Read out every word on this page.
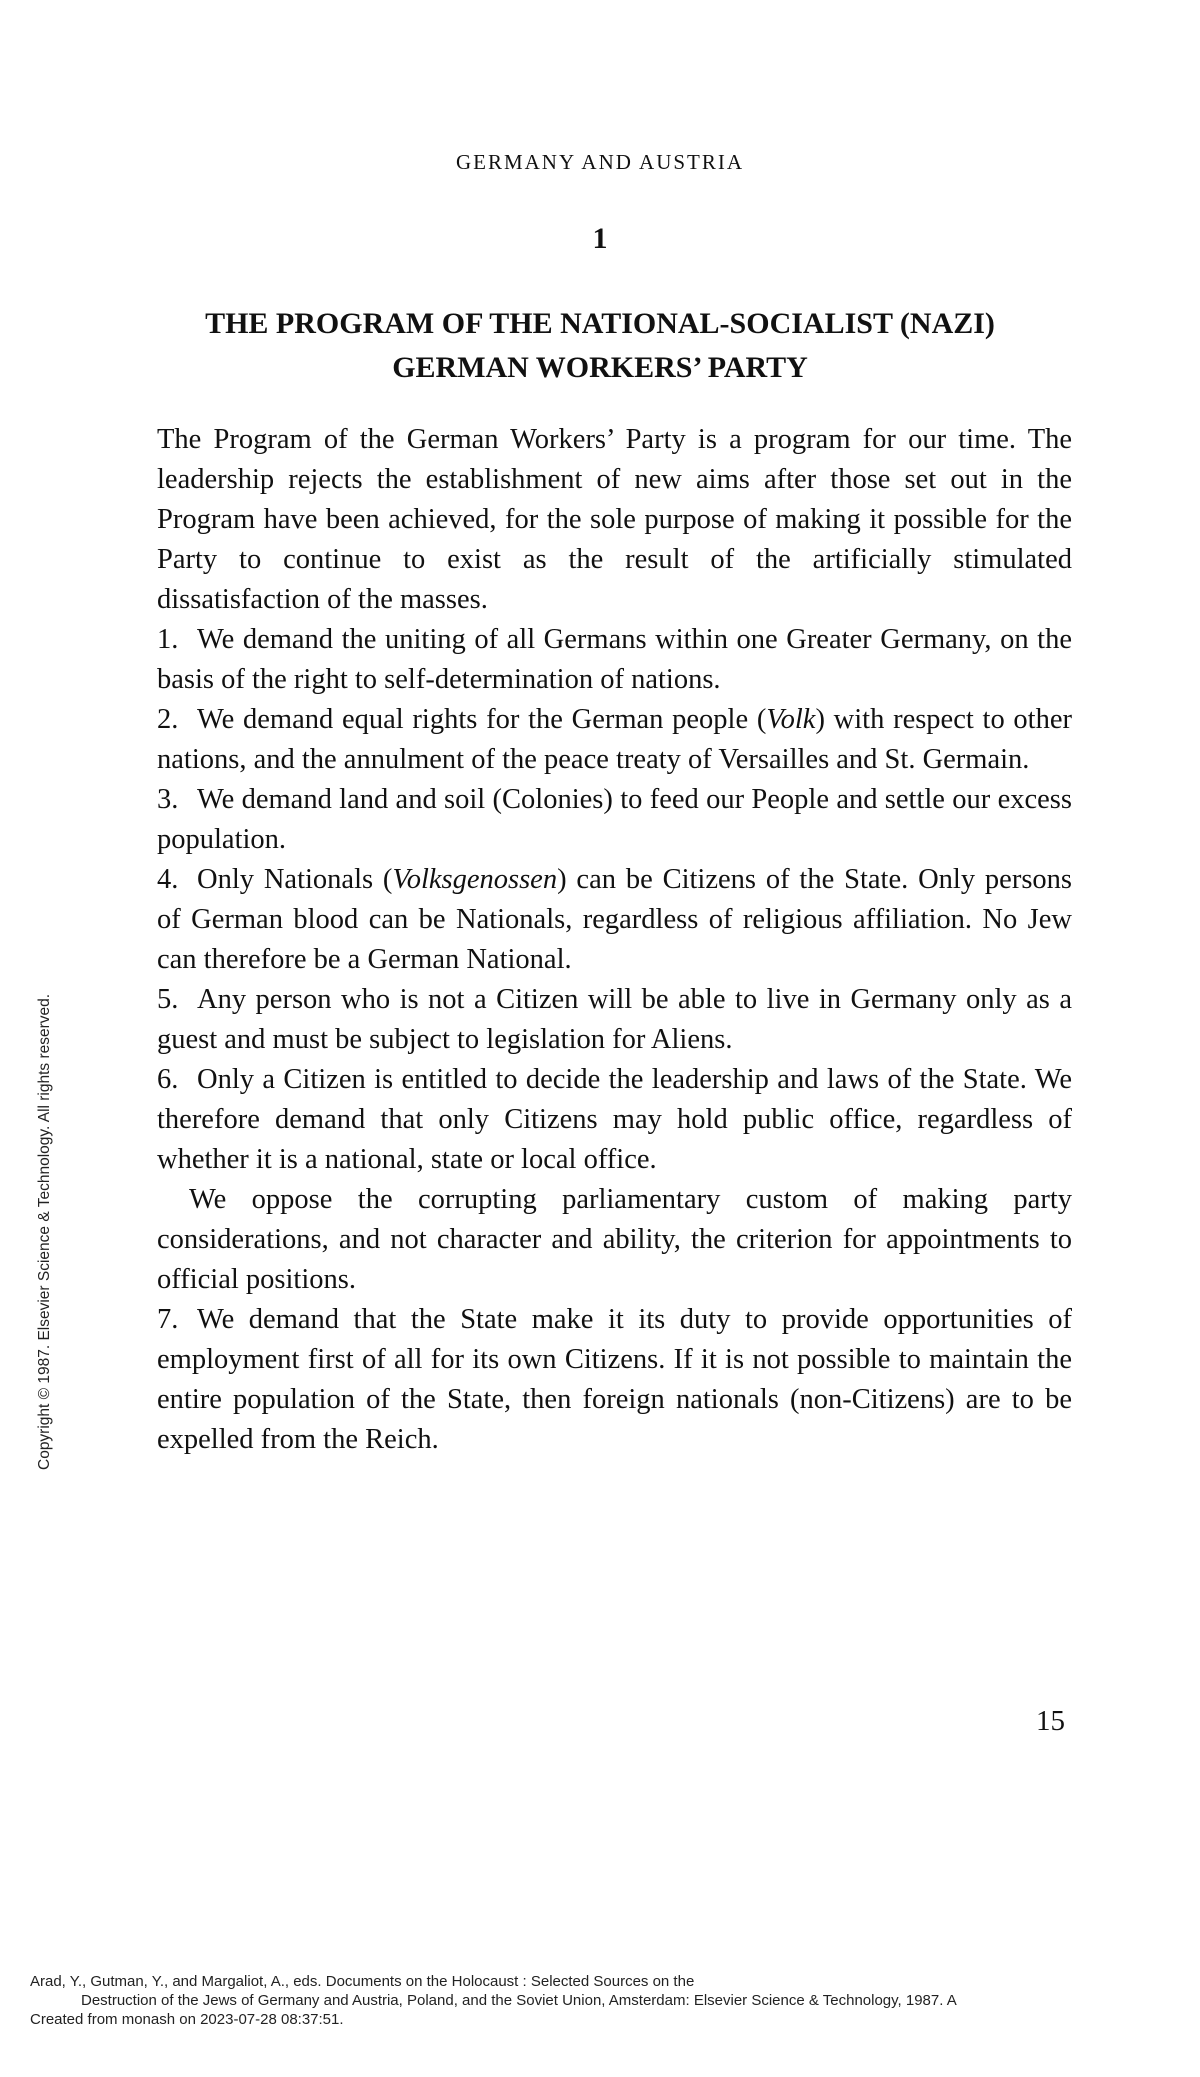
GERMANY AND AUSTRIA
1
THE PROGRAM OF THE NATIONAL-SOCIALIST (NAZI)
GERMAN WORKERS’ PARTY

The Program of the German Workers’ Party is a program for our time. The leadership rejects the establishment of new aims after those set out in the Program have been achieved, for the sole purpose of making it possible for the Party to continue to exist as the result of the artificially stimulated dissatisfaction of the masses.

1. We demand the uniting of all Germans within one Greater Germany, on the basis of the right to self-determination of nations.

2. We demand equal rights for the German people (Volk) with respect to other nations, and the annulment of the peace treaty of Versailles and St. Germain.

3. We demand land and soil (Colonies) to feed our People and settle our excess population.

4. Only Nationals (Volksgenossen) can be Citizens of the State. Only persons of German blood can be Nationals, regardless of religious affiliation. No Jew can therefore be a German National.

5. Any person who is not a Citizen will be able to live in Germany only as a guest and must be subject to legislation for Aliens.

6. Only a Citizen is entitled to decide the leadership and laws of the State. We therefore demand that only Citizens may hold public office, regardless of whether it is a national, state or local office.

We oppose the corrupting parliamentary custom of making party considerations, and not character and ability, the criterion for appointments to official positions.

7. We demand that the State make it its duty to provide opportunities of employment first of all for its own Citizens. If it is not possible to maintain the entire population of the State, then foreign nationals (non-Citizens) are to be expelled from the Reich.

15
Copyright © 1987. Elsevier Science & Technology. All rights reserved.
Arad, Y., Gutman, Y., and Margaliot, A., eds. Documents on the Holocaust : Selected Sources on the
Destruction of the Jews of Germany and Austria, Poland, and the Soviet Union, Amsterdam: Elsevier Science & Technology, 1987. A
Created from monash on 2023-07-28 08:37:51.
